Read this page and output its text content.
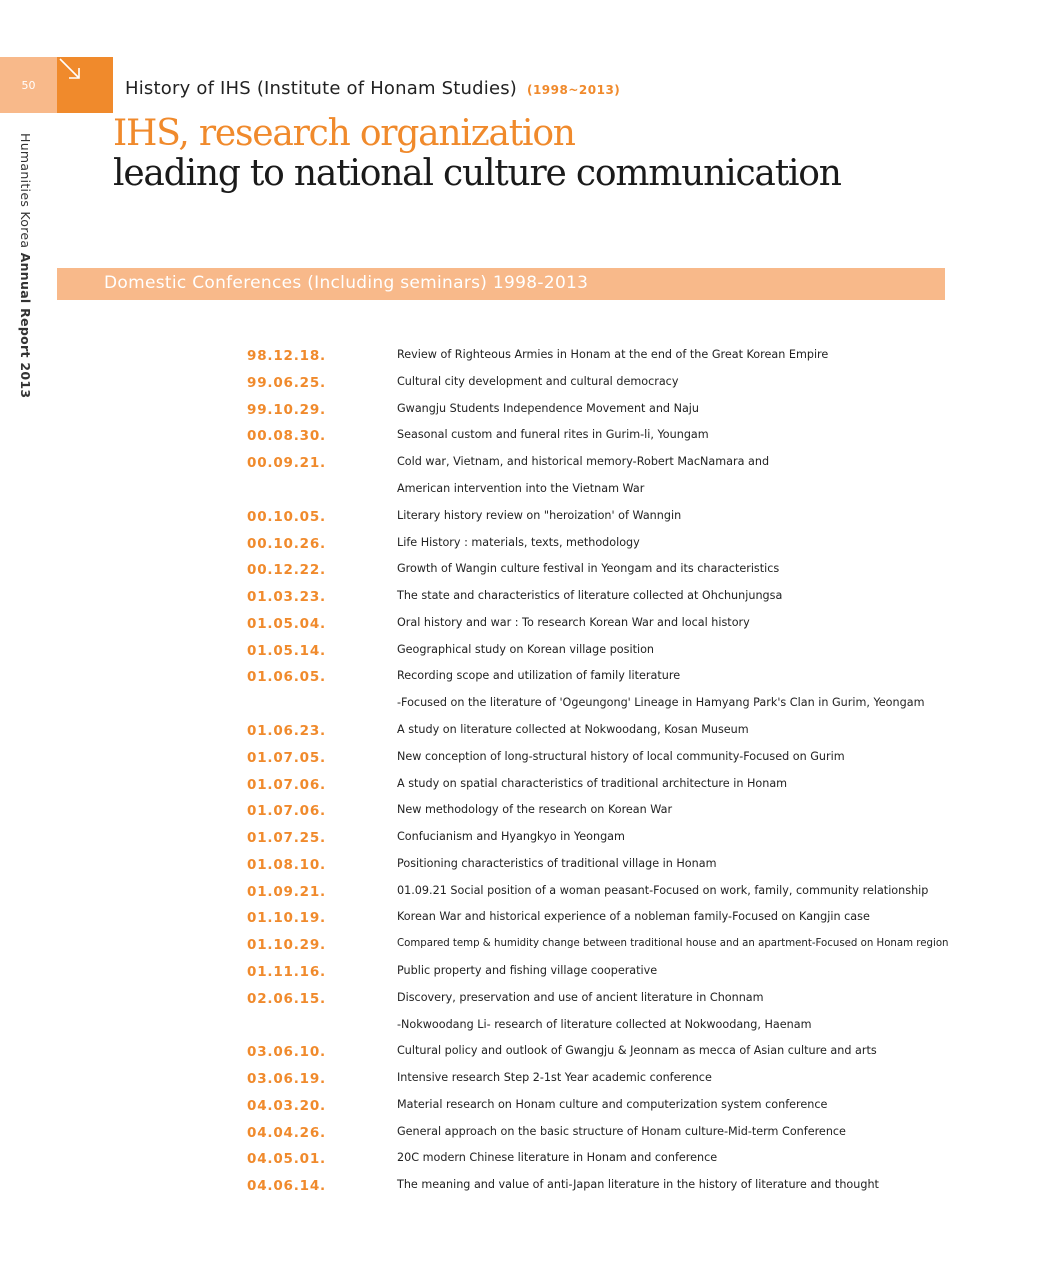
50	History of IHS (Institute of Honam Studies) (1998~2013)
Humanities Korea Annual Report 2013
IHS, research organization
leading to national culture communication
Domestic Conferences (Including seminars) 1998-2013
98.12.18.	Review of Righteous Armies in Honam at the end of the Great Korean Empire
99.06.25.	Cultural city development and cultural democracy
99.10.29.	Gwangju Students Independence Movement and Naju
00.08.30.	Seasonal custom and funeral rites in Gurim-li, Youngam
00.09.21.	Cold war, Vietnam, and historical memory-Robert MacNamara and
American intervention into the Vietnam War
00.10.05.	Literary history review on "heroization' of Wanngin
00.10.26.	Life History : materials, texts, methodology
00.12.22.	Growth of Wangin culture festival in Yeongam and its characteristics
01.03.23.	The state and characteristics of literature collected at Ohchunjungsa
01.05.04.	Oral history and war : To research Korean War and local history
01.05.14.	Geographical study on Korean village position
01.06.05.	Recording scope and utilization of family literature
-Focused on the literature of 'Ogeungong' Lineage in Hamyang Park's Clan in Gurim, Yeongam
01.06.23.	A study on literature collected at Nokwoodang, Kosan Museum
01.07.05.	New conception of long-structural history of local community-Focused on Gurim
01.07.06.	A study on spatial characteristics of traditional architecture in Honam
01.07.06.	New methodology of the research on Korean War
01.07.25.	Confucianism and Hyangkyo in Yeongam
01.08.10.	Positioning characteristics of traditional village in Honam
01.09.21.	01.09.21 Social position of a woman peasant-Focused on work, family, community relationship
01.10.19.	Korean War and historical experience of a nobleman family-Focused on Kangjin case
01.10.29.	Compared temp & humidity change between traditional house and an apartment-Focused on Honam region
01.11.16.	Public property and fishing village cooperative
02.06.15.	Discovery, preservation and use of ancient literature in Chonnam
-Nokwoodang Li- research of literature collected at Nokwoodang, Haenam
03.06.10.	Cultural policy and outlook of Gwangju & Jeonnam as mecca of Asian culture and arts
03.06.19.	Intensive research Step 2-1st Year academic conference
04.03.20.	Material research on Honam culture and computerization system conference
04.04.26.	General approach on the basic structure of Honam culture-Mid-term Conference
04.05.01.	20C modern Chinese literature in Honam and conference
04.06.14.	The meaning and value of anti-Japan literature in the history of literature and thought
